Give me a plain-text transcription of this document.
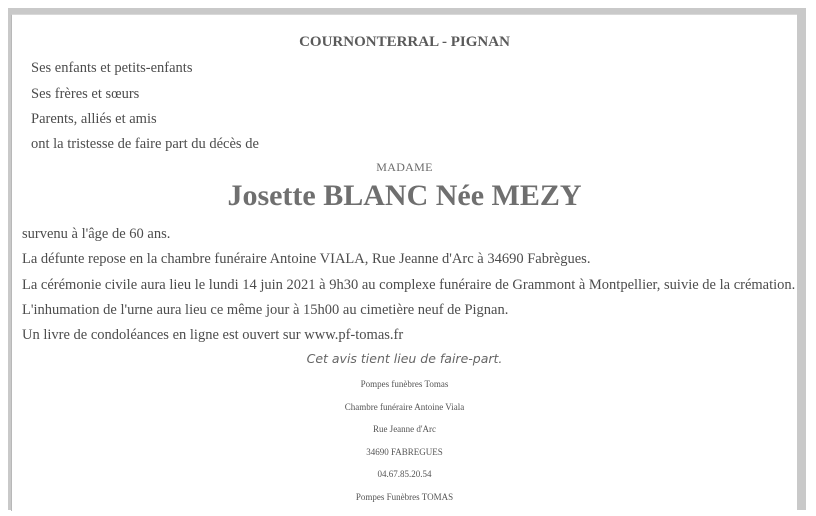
COURNONTERRAL - PIGNAN
Ses enfants et petits-enfants
Ses frères et sœurs
Parents, alliés et amis
ont la tristesse de faire part du décès de
MADAME
Josette BLANC Née MEZY
survenu à l'âge de 60 ans.
La défunte repose en la chambre funéraire Antoine VIALA, Rue Jeanne d'Arc à 34690 Fabrègues.
La cérémonie civile aura lieu le lundi 14 juin 2021 à 9h30 au complexe funéraire de Grammont à Montpellier, suivie de la crémation.
L'inhumation de l'urne aura lieu ce même jour à 15h00 au cimetière neuf de Pignan.
Un livre de condoléances en ligne est ouvert sur www.pf-tomas.fr
Cet avis tient lieu de faire-part.
Pompes funèbres Tomas
Chambre funéraire Antoine Viala
Rue Jeanne d'Arc
34690 FABREGUES
04.67.85.20.54
Pompes Funèbres TOMAS
